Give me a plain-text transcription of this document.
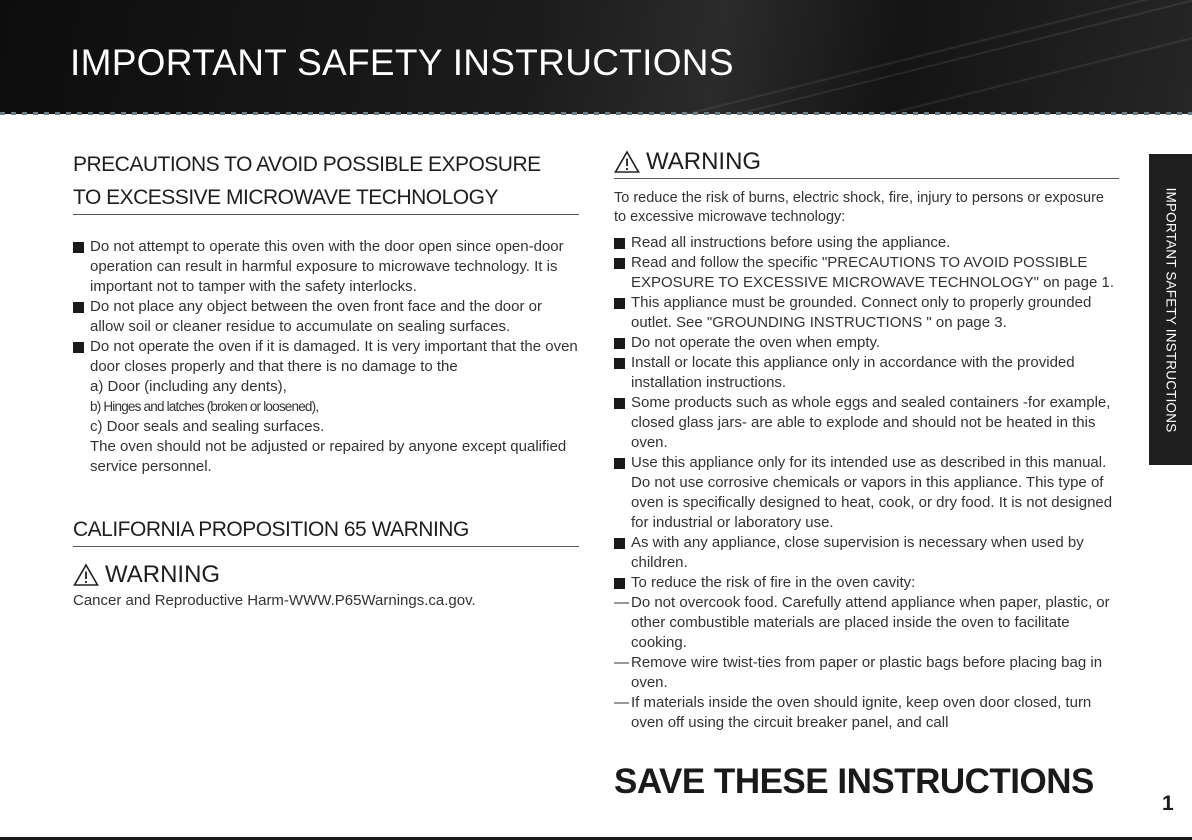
IMPORTANT SAFETY INSTRUCTIONS
PRECAUTIONS TO AVOID POSSIBLE EXPOSURE
TO EXCESSIVE MICROWAVE TECHNOLOGY
Do not attempt to operate this oven with the door open since open-door operation can result in harmful exposure to microwave technology. It is important not to tamper with the safety interlocks.
Do not place any object between the oven front face and the door or allow soil or cleaner residue to accumulate on sealing surfaces.
Do not operate the oven if it is damaged. It is very important that the oven door closes properly and that there is no damage to the
a) Door (including any dents),
b) Hinges and latches (broken or loosened),
c) Door seals and sealing surfaces.
The oven should not be adjusted or repaired by anyone except qualified service personnel.
CALIFORNIA PROPOSITION 65 WARNING
WARNING
Cancer and Reproductive Harm-WWW.P65Warnings.ca.gov.
WARNING
To reduce the risk of burns, electric shock, fire, injury to persons or exposure to excessive microwave technology:
Read all instructions before using the appliance.
Read and follow the specific "PRECAUTIONS TO AVOID POSSIBLE EXPOSURE TO EXCESSIVE MICROWAVE TECHNOLOGY" on page 1.
This appliance must be grounded. Connect only to properly grounded outlet. See "GROUNDING INSTRUCTIONS " on page 3.
Do not operate the oven when empty.
Install or locate this appliance only in accordance with the provided installation instructions.
Some products such as whole eggs and sealed containers -for example, closed glass jars- are able to explode and should not be heated in this oven.
Use this appliance only for its intended use as described in this manual. Do not use corrosive chemicals or vapors in this appliance. This type of oven is specifically designed to heat, cook, or dry food. It is not designed for industrial or laboratory use.
As with any appliance, close supervision is necessary when used by children.
To reduce the risk of fire in the oven cavity:
— Do not overcook food. Carefully attend appliance when paper, plastic, or other combustible materials are placed inside the oven to facilitate cooking.
— Remove wire twist-ties from paper or plastic bags before placing bag in oven.
— If materials inside the oven should ignite, keep oven door closed, turn oven off using the circuit breaker panel, and call
IMPORTANT SAFETY INSTRUCTIONS
SAVE THESE INSTRUCTIONS
1
